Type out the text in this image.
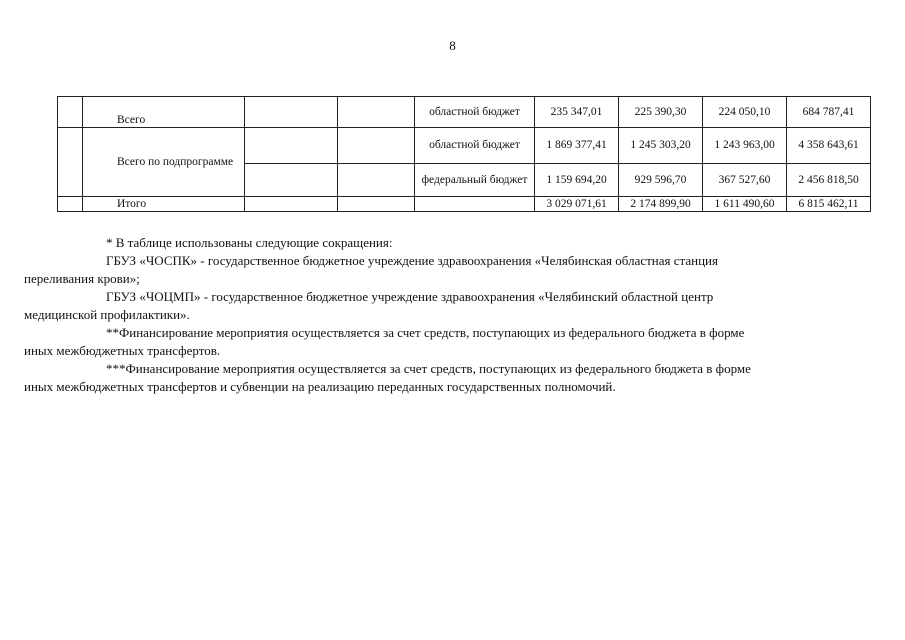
8
	Всего			областной бюджет	235 347,01	225 390,30	224 050,10	684 787,41
	Всего по подпрограмме			областной бюджет	1 869 377,41	1 245 303,20	1 243 963,00	4 358 643,61
				федеральный бюджет	1 159 694,20	929 596,70	367 527,60	2 456 818,50
	Итого				3 029 071,61	2 174 899,90	1 611 490,60	6 815 462,11

* В таблице использованы следующие сокращения:

ГБУЗ «ЧОСПК» - государственное бюджетное учреждение здравоохранения «Челябинская областная станция

переливания крови»;

ГБУЗ «ЧОЦМП» - государственное бюджетное учреждение здравоохранения «Челябинский областной центр

медицинской профилактики».

**Финансирование мероприятия осуществляется за счет средств, поступающих из федерального бюджета в форме

иных межбюджетных трансфертов.

***Финансирование мероприятия осуществляется за счет средств, поступающих из федерального бюджета в форме

иных межбюджетных трансфертов и субвенции на реализацию переданных государственных полномочий.
